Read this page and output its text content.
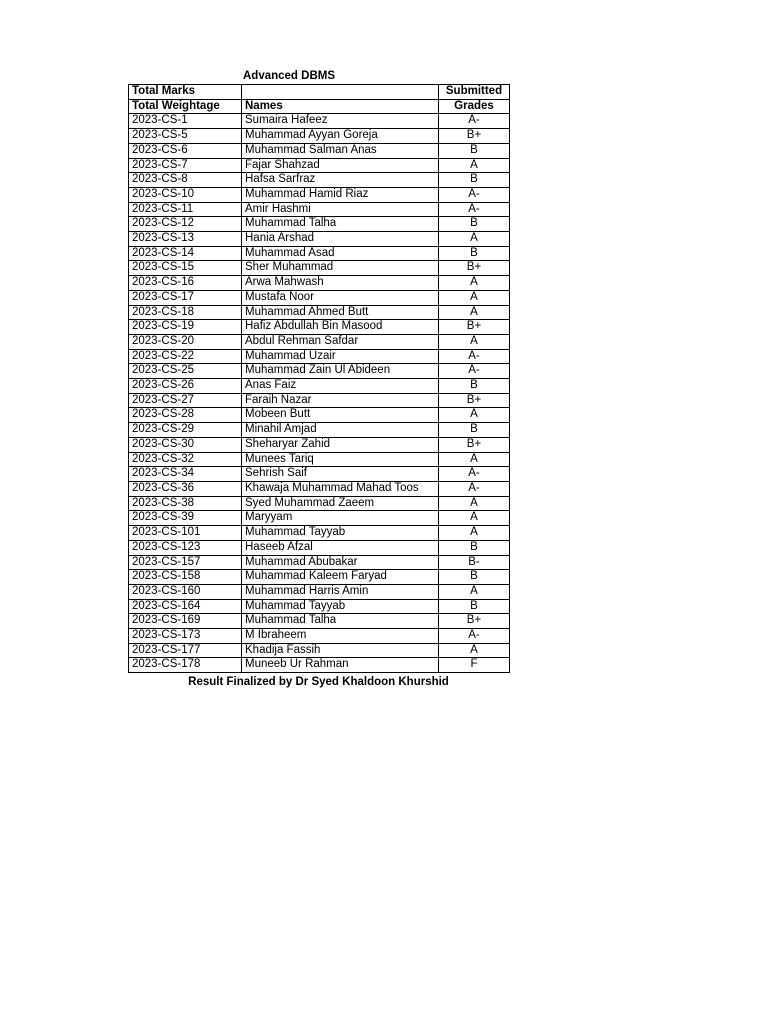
Advanced DBMS
Total Marks		Submitted
Total Weightage	Names	Grades
2023-CS-1	Sumaira Hafeez	A-
2023-CS-5	Muhammad Ayyan Goreja	B+
2023-CS-6	Muhammad Salman Anas	B
2023-CS-7	Fajar Shahzad	A
2023-CS-8	Hafsa Sarfraz	B
2023-CS-10	Muhammad Hamid Riaz	A-
2023-CS-11	Amir Hashmi	A-
2023-CS-12	Muhammad Talha	B
2023-CS-13	Hania Arshad	A
2023-CS-14	Muhammad Asad	B
2023-CS-15	Sher Muhammad	B+
2023-CS-16	Arwa Mahwash	A
2023-CS-17	Mustafa Noor	A
2023-CS-18	Muhammad Ahmed Butt	A
2023-CS-19	Hafiz Abdullah Bin Masood	B+
2023-CS-20	Abdul Rehman Safdar	A
2023-CS-22	Muhammad Uzair	A-
2023-CS-25	Muhammad Zain Ul Abideen	A-
2023-CS-26	Anas Faiz	B
2023-CS-27	Faraih Nazar	B+
2023-CS-28	Mobeen Butt	A
2023-CS-29	Minahil Amjad	B
2023-CS-30	Sheharyar Zahid	B+
2023-CS-32	Munees Tariq	A
2023-CS-34	Sehrish Saif	A-
2023-CS-36	Khawaja Muhammad Mahad Toos	A-
2023-CS-38	Syed Muhammad Zaeem	A
2023-CS-39	Maryyam	A
2023-CS-101	Muhammad Tayyab	A
2023-CS-123	Haseeb Afzal	B
2023-CS-157	Muhammad Abubakar	B-
2023-CS-158	Muhammad Kaleem Faryad	B
2023-CS-160	Muhammad Harris Amin	A
2023-CS-164	Muhammad Tayyab	B
2023-CS-169	Muhammad Talha	B+
2023-CS-173	M Ibraheem	A-
2023-CS-177	Khadija Fassih	A
2023-CS-178	Muneeb Ur Rahman	F
Result Finalized by Dr Syed Khaldoon Khurshid
